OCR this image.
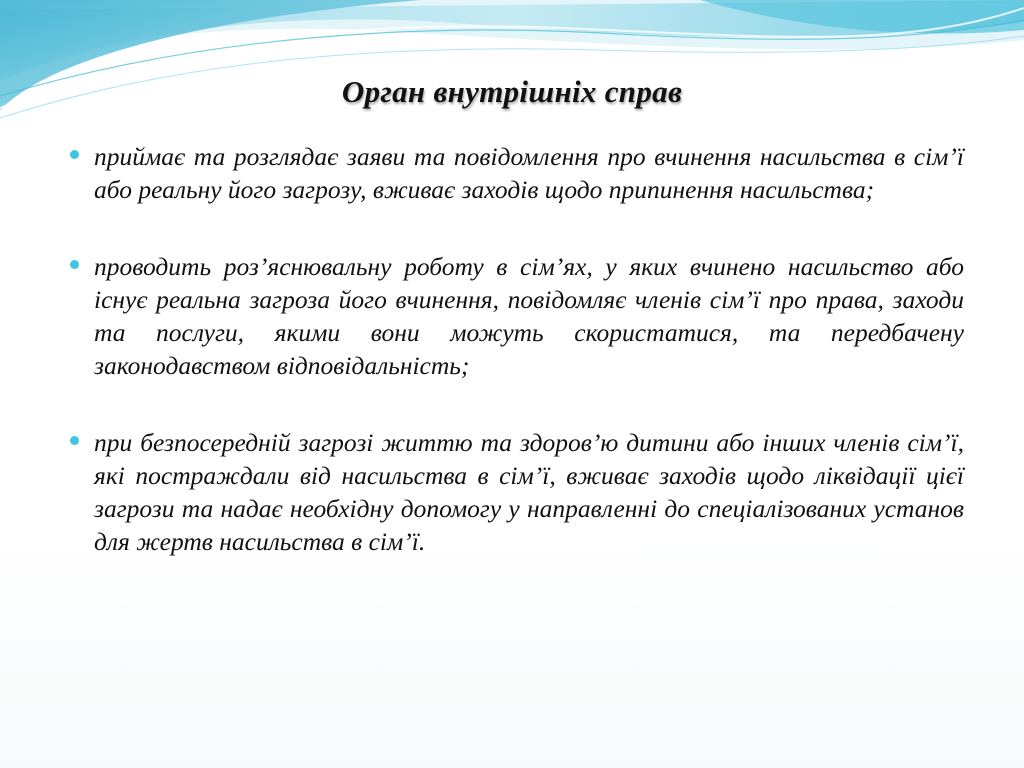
Орган внутрішніх справ
приймає та розглядає заяви та повідомлення про вчинення насильства в сім’ї або реальну його загрозу, вживає заходів щодо припинення насильства;
проводить роз’яснювальну роботу в сім’ях, у яких вчинено насильство або існує реальна загроза його вчинення, повідомляє членів сім’ї про права, заходи та послуги, якими вони можуть скористатися, та передбачену законодавством відповідальність;
при безпосередній загрозі життю та здоров’ю дитини або інших членів сім’ї, які постраждали від насильства в сім’ї, вживає заходів щодо ліквідації цієї загрози та надає необхідну допомогу у направленні до спеціалізованих установ для жертв насильства в сім’ї.
